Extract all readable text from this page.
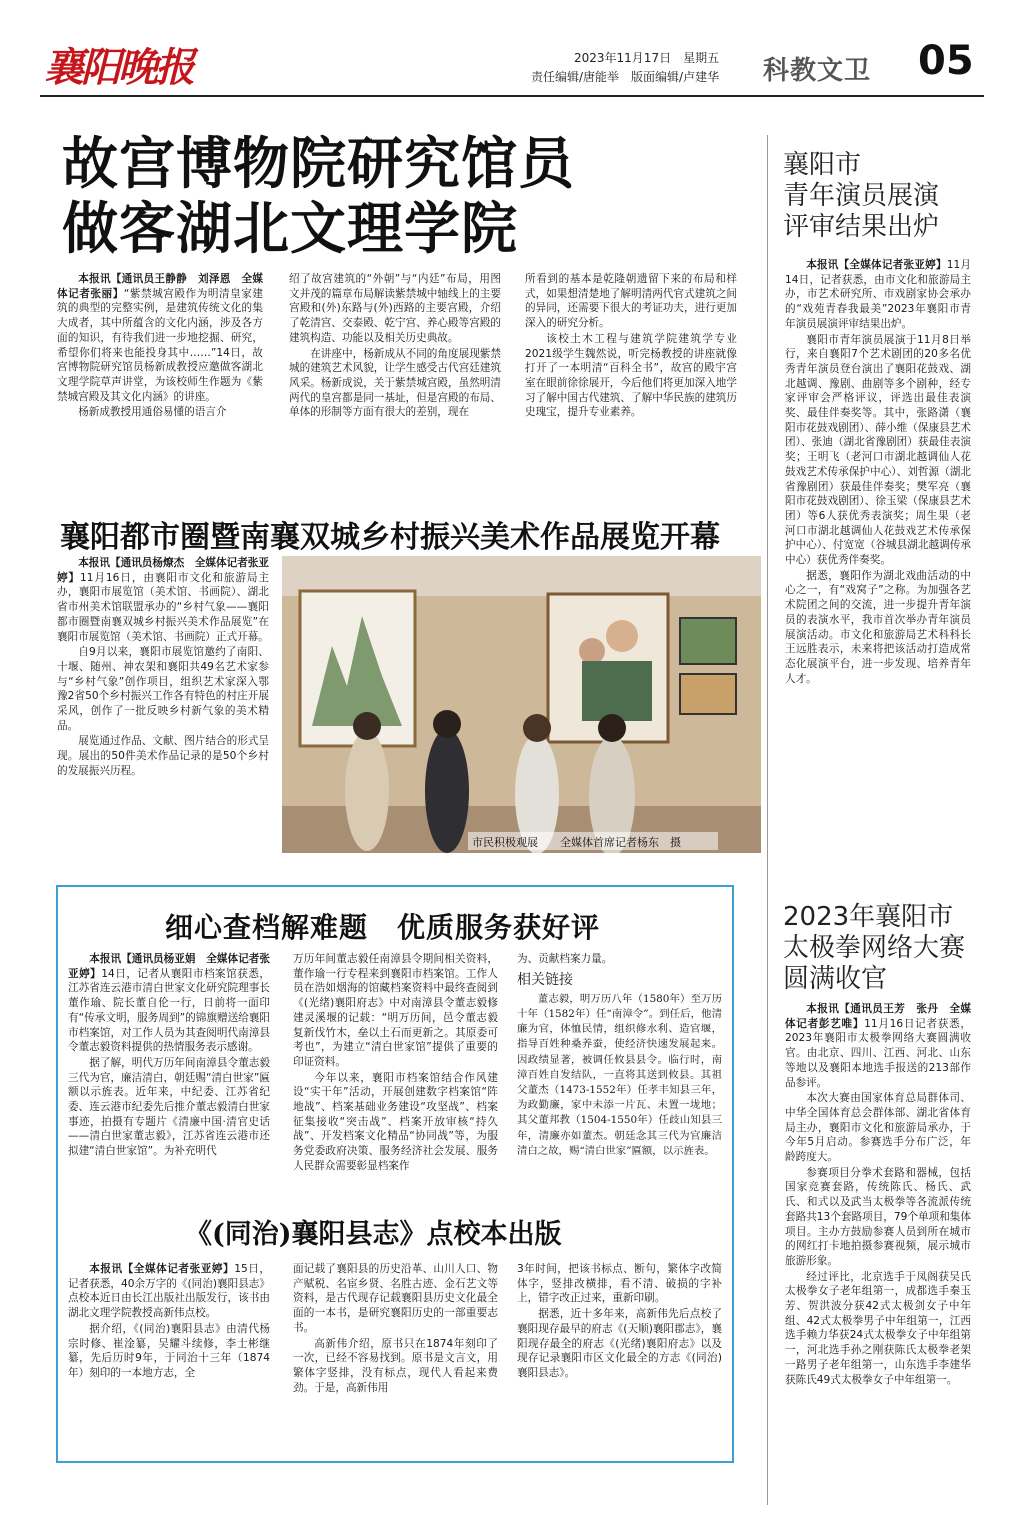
襄阳晚报	2023年11月17日　星期五
责任编辑/唐能举　版面编辑/卢建华 科教文卫 05
故宫博物院研究馆员
做客湖北文理学院

本报讯【通讯员王静静　刘泽恩　全媒体记者张丽】“紫禁城宫殿作为明清皇家建筑的典型的完整实例，是建筑传统文化的集大成者，其中所蕴含的文化内涵，涉及各方面的知识，有待我们进一步地挖掘、研究，希望你们将来也能投身其中……”14日，故宫博物院研究馆员杨新成教授应邀做客湖北文理学院草声讲堂，为该校师生作题为《紫禁城宫殿及其文化内涵》的讲座。

杨新成教授用通俗易懂的语言介

绍了故宫建筑的“外朝”与“内廷”布局，用图文并茂的篇章布局解读紫禁城中轴线上的主要宫殿和(外)东路与(外)西路的主要宫殿，介绍了乾清宫、交泰殿、乾宁宫、养心殿等宫殿的建筑构造、功能以及相关历史典故。

在讲座中，杨新成从不同的角度展现紫禁城的建筑艺术风貌，让学生感受古代宫廷建筑风采。杨新成说，关于紫禁城宫殿，虽然明清两代的皇宫都是同一基址，但是宫殿的布局、单体的形制等方面有很大的差别，现在

所看到的基本是乾隆朝遗留下来的布局和样式，如果想清楚地了解明清两代官式建筑之间的异同，还需要下很大的考证功夫，进行更加深入的研究分析。

该校土木工程与建筑学院建筑学专业2021级学生魏然说，听完杨教授的讲座就像打开了一本明清“百科全书”，故宫的殿宇宫室在眼前徐徐展开，今后他们将更加深入地学习了解中国古代建筑、了解中华民族的建筑历史瑰宝，提升专业素养。

襄阳都市圈暨南襄双城乡村振兴美术作品展览开幕

本报讯【通讯员杨燎杰　全媒体记者张亚婷】11月16日，由襄阳市文化和旅游局主办，襄阳市展览馆（美术馆、书画院）、湖北省市州美术馆联盟承办的“乡村气象——襄阳都市圈暨南襄双城乡村振兴美术作品展览”在襄阳市展览馆（美术馆、书画院）正式开幕。

自9月以来，襄阳市展览馆邀约了南阳、十堰、随州、神农架和襄阳共49名艺术家参与“乡村气象”创作项目，组织艺术家深入鄂豫2省50个乡村振兴工作各有特色的村庄开展采风，创作了一批反映乡村新气象的美术精品。

展览通过作品、文献、图片结合的形式呈现。展出的50件美术作品记录的是50个乡村的发展振兴历程。

市民积极观展　　全媒体首席记者杨东　摄
襄阳市
青年演员展演
评审结果出炉

本报讯【全媒体记者张亚婷】11月14日，记者获悉，由市文化和旅游局主办，市艺术研究所、市戏剧家协会承办的“戏苑青春我最美”2023年襄阳市青年演员展演评审结果出炉。

襄阳市青年演员展演于11月8日举行，来自襄阳7个艺术剧团的20多名优秀青年演员登台演出了襄阳花鼓戏、湖北越调、豫剧、曲剧等多个剧种，经专家评审会严格评议，评选出最佳表演奖、最佳伴奏奖等。其中，张路潇（襄阳市花鼓戏剧团）、薛小维（保康县艺术团）、张迪（湖北省豫剧团）获最佳表演奖；王明飞（老河口市湖北越调仙人花鼓戏艺术传承保护中心）、刘哲源（湖北省豫剧团）获最佳伴奏奖；樊军亮（襄阳市花鼓戏剧团）、徐玉梁（保康县艺术团）等6人获优秀表演奖；周生果（老河口市湖北越调仙人花鼓戏艺术传承保护中心）、付宽宽（谷城县湖北越调传承中心）获优秀伴奏奖。

据悉，襄阳作为湖北戏曲活动的中心之一，有“戏窝子”之称。为加强各艺术院团之间的交流，进一步提升青年演员的表演水平，我市首次举办青年演员展演活动。市文化和旅游局艺术科科长王远胜表示，未来将把该活动打造成常态化展演平台，进一步发现、培养青年人才。

2023年襄阳市
太极拳网络大赛
圆满收官

本报讯【通讯员王芳　张丹　全媒体记者彭艺唯】11月16日记者获悉，2023年襄阳市太极拳网络大赛圆满收官。由北京、四川、江西、河北、山东等地以及襄阳本地选手报送的213部作品参评。

本次大赛由国家体育总局群体司、中华全国体育总会群体部、湖北省体育局主办，襄阳市文化和旅游局承办，于今年5月启动。参赛选手分布广泛，年龄跨度大。

参赛项目分拳术套路和器械，包括国家竞赛套路，传统陈氏、杨氏、武氏、和式以及武当太极拳等各流派传统套路共13个套路项目，79个单项和集体项目。主办方鼓励参赛人员到所在城市的网红打卡地拍摄参赛视频，展示城市旅游形象。

经过评比，北京选手于凤阁获吴氏太极拳女子老年组第一，成都选手秦玉芳、贺洪波分获42式太极剑女子中年组、42式太极拳男子中年组第一，江西选手赖力华获24式太极拳女子中年组第一，河北选手孙之刚获陈氏太极拳老架一路男子老年组第一，山东选手李建华获陈氏49式太极拳女子中年组第一。

细心查档解难题　优质服务获好评

本报讯【通讯员杨亚娟　全媒体记者张亚婷】14日，记者从襄阳市档案馆获悉，江苏省连云港市清白世家文化研究院理事长董作瑜、院长董自伦一行，日前将一面印有“传承文明，服务周到”的锦旗赠送给襄阳市档案馆，对工作人员为其查阅明代南漳县令董志毅资料提供的热情服务表示感谢。

据了解，明代万历年间南漳县令董志毅三代为官，廉洁清白，朝廷赐“清白世家”匾额以示旌表。近年来，中纪委、江苏省纪委、连云港市纪委先后推介董志毅清白世家事迹，拍摄有专题片《清廉中国·清官史话——清白世家董志毅》，江苏省连云港市还拟建“清白世家馆”。为补充明代

万历年间董志毅任南漳县令期间相关资料，董作瑜一行专程来到襄阳市档案馆。工作人员在浩如烟海的馆藏档案资料中最终查阅到《(光绪)襄阳府志》中对南漳县令董志毅修建灵溪堰的记载：“明万历间，邑令董志毅复新伐竹木，垒以土石而更新之。其原委可考也”，为建立“清白世家馆”提供了重要的印证资料。

今年以来，襄阳市档案馆结合作风建设“实干年”活动，开展创建数字档案馆“阵地战”、档案基础业务建设“攻坚战”、档案征集接收“突击战”、档案开放审核“持久战”、开发档案文化精品“协同战”等，为服务党委政府决策、服务经济社会发展、服务人民群众需要彰显档案作

为、贡献档案力量。

相关链接

董志毅，明万历八年（1580年）至万历十年（1582年）任“南漳令”。到任后，他清廉为官，体恤民情，组织修水利、造官堰，指导百姓种桑养蚕，使经济快速发展起来。因政绩显著，被调任攸县县令。临行时，南漳百姓自发结队，一直将其送到攸县。其祖父董杰（1473-1552年）任孝丰知县三年，为政勤廉，家中未添一片瓦、未置一垅地；其父董邦教（1504-1550年）任歧山知县三年，清廉亦如董杰。朝廷念其三代为官廉洁清白之故，赐“清白世家”匾额，以示旌表。

《(同治)襄阳县志》点校本出版

本报讯【全媒体记者张亚婷】15日，记者获悉，40余万字的《(同治)襄阳县志》点校本近日由长江出版社出版发行，该书由湖北文理学院教授高新伟点校。

据介绍，《(同治)襄阳县志》由清代杨宗时修、崔淦纂，吴耀斗续修，李士彬继纂，先后历时9年，于同治十三年（1874年）刻印的一本地方志，全

面记载了襄阳县的历史沿革、山川人口、物产赋税、名宦乡贤、名胜古迹、金石艺文等资料，是古代现存记载襄阳县历史文化最全面的一本书，是研究襄阳历史的一部重要志书。

高新伟介绍，原书只在1874年刻印了一次，已经不容易找到。原书是文言文，用繁体字竖排，没有标点，现代人看起来费劲。于是，高新伟用

3年时间，把该书标点、断句，繁体字改简体字，竖排改横排，看不清、破损的字补上，错字改正过来，重新印刷。

据悉，近十多年来，高新伟先后点校了襄阳现存最早的府志《(天顺)襄阳郡志》，襄阳现存最全的府志《(光绪)襄阳府志》以及现存记录襄阳市区文化最全的方志《(同治)襄阳县志》。
